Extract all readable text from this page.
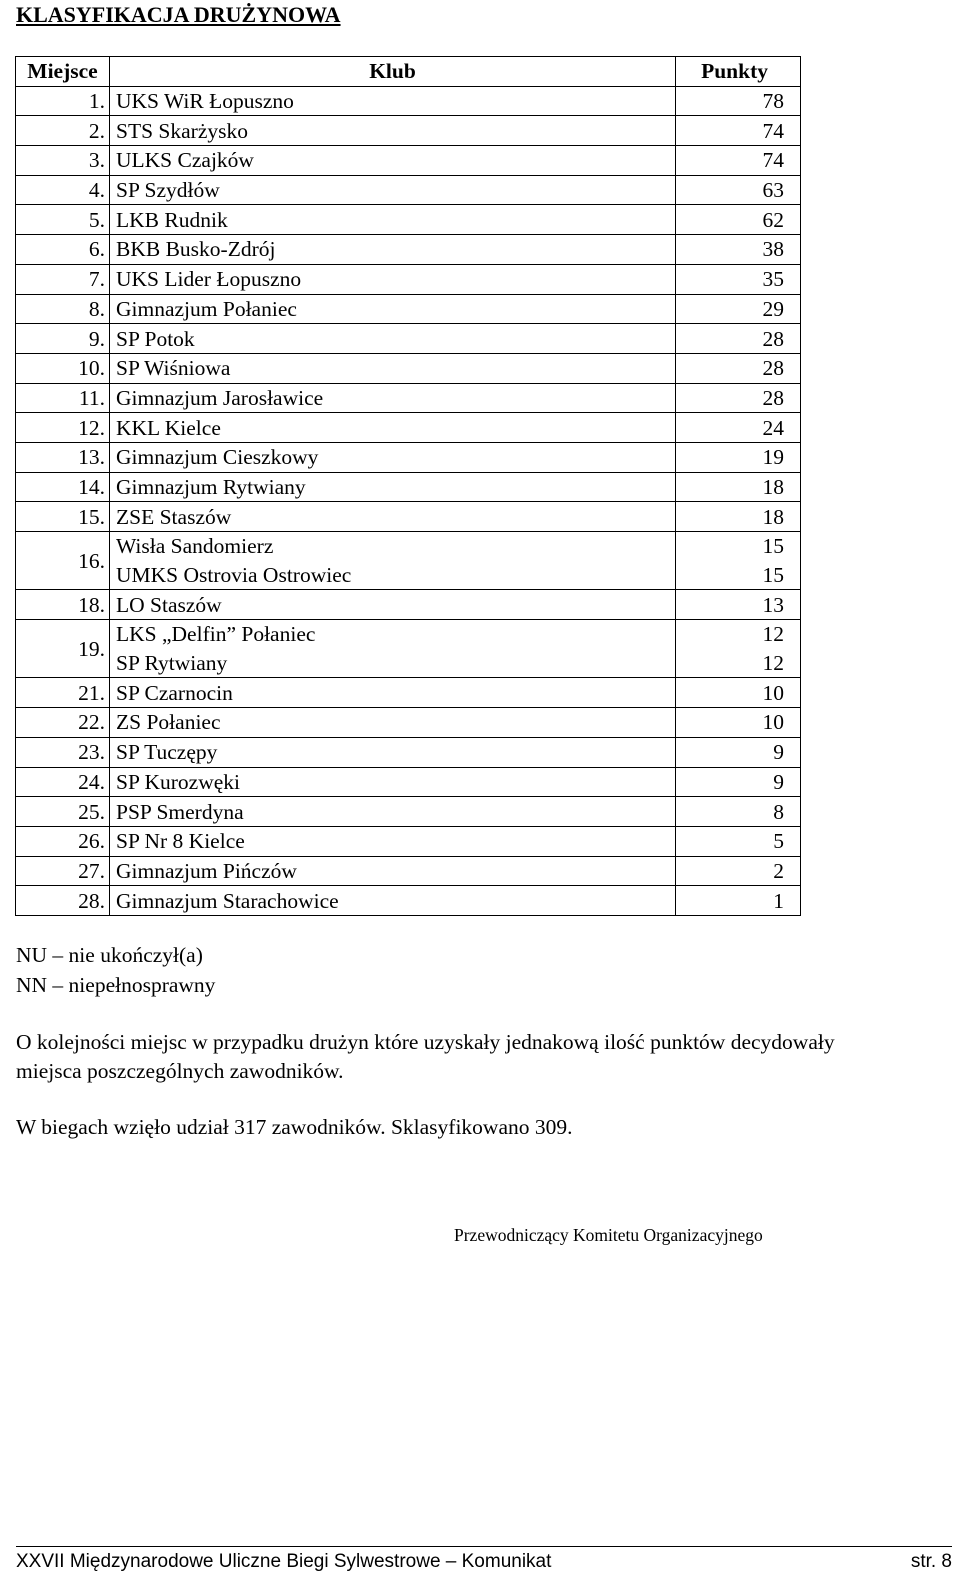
KLASYFIKACJA DRUŻYNOWA
Miejsce	Klub	Punkty
1.	UKS WiR Łopuszno	78
2.	STS Skarżysko	74
3.	ULKS Czajków	74
4.	SP Szydłów	63
5.	LKB Rudnik	62
6.	BKB Busko-Zdrój	38
7.	UKS Lider Łopuszno	35
8.	Gimnazjum Połaniec	29
9.	SP Potok	28
10.	SP Wiśniowa	28
11.	Gimnazjum Jarosławice	28
12.	KKL Kielce	24
13.	Gimnazjum Cieszkowy	19
14.	Gimnazjum Rytwiany	18
15.	ZSE Staszów	18
16.	Wisła Sandomierz	15
	UMKS Ostrovia Ostrowiec	15
18.	LO Staszów	13
19.	LKS „Delfin” Połaniec	12
	SP Rytwiany	12
21.	SP Czarnocin	10
22.	ZS Połaniec	10
23.	SP Tuczępy	9
24.	SP Kurozwęki	9
25.	PSP Smerdyna	8
26.	SP Nr 8 Kielce	5
27.	Gimnazjum Pińczów	2
28.	Gimnazjum Starachowice	1
NU – nie ukończył(a)
NN – niepełnosprawny
O kolejności miejsc w przypadku drużyn które uzyskały jednakową ilość punktów decydowały miejsca poszczególnych zawodników.
W biegach wzięło udział 317 zawodników. Sklasyfikowano 309.
Przewodniczący Komitetu Organizacyjnego
XXVII Międzynarodowe Uliczne Biegi Sylwestrowe – Komunikat	str. 8
